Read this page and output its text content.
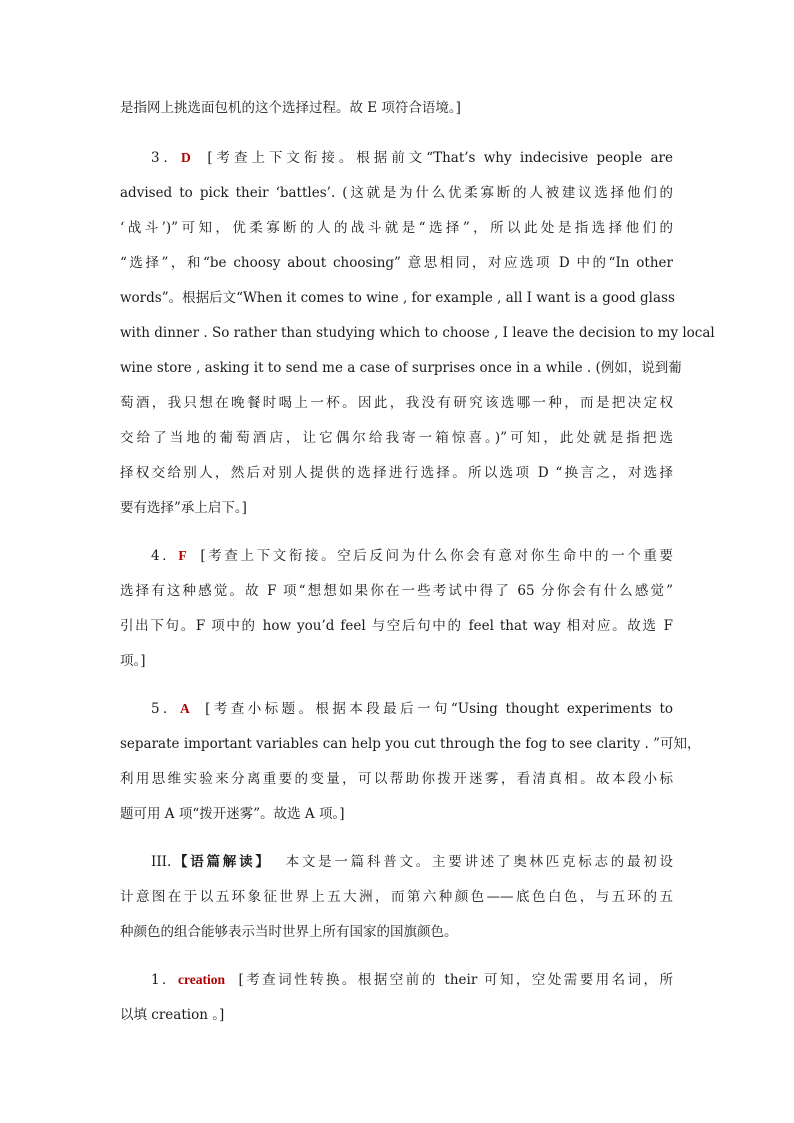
是指网上挑选面包机的这个选择过程。故 E 项符合语境。]
3．D [考查上下文衔接。根据前文“That’s why indecisive people are
advised to pick their ‘battles’. (这就是为什么优柔寡断的人被建议选择他们的
‘战斗’)”可知，优柔寡断的人的战斗就是“选择”，所以此处是指选择他们的
“选择”，和“be choosy about choosing” 意思相同，对应选项 D 中的“In other
words”。根据后文“When it comes to wine , for example , all I want is a good glass
with dinner . So rather than studying which to choose , I leave the decision to my local
wine store , asking it to send me a case of surprises once in a while . (例如，说到葡
萄酒，我只想在晚餐时喝上一杯。因此，我没有研究该选哪一种，而是把决定权
交给了当地的葡萄酒店，让它偶尔给我寄一箱惊喜。)”可知，此处就是指把选
择权交给别人，然后对别人提供的选择进行选择。所以选项 D “换言之，对选择
要有选择”承上启下。]
4．F [考查上下文衔接。空后反问为什么你会有意对你生命中的一个重要
选择有这种感觉。故 F 项“想想如果你在一些考试中得了 65 分你会有什么感觉”
引出下句。F 项中的 how you’d feel 与空后句中的 feel that way 相对应。故选 F
项。]
5．A [考查小标题。根据本段最后一句“Using thought experiments to
separate important variables can help you cut through the fog to see clarity . ”可知，
利用思维实验来分离重要的变量，可以帮助你拨开迷雾，看清真相。故本段小标
题可用 A 项“拨开迷雾”。故选 A 项。]
III.【语篇解读】 本文是一篇科普文。主要讲述了奥林匹克标志的最初设
计意图在于以五环象征世界上五大洲，而第六种颜色——底色白色，与五环的五
种颜色的组合能够表示当时世界上所有国家的国旗颜色。
1．creation [考查词性转换。根据空前的 their 可知，空处需要用名词，所
以填 creation 。]
